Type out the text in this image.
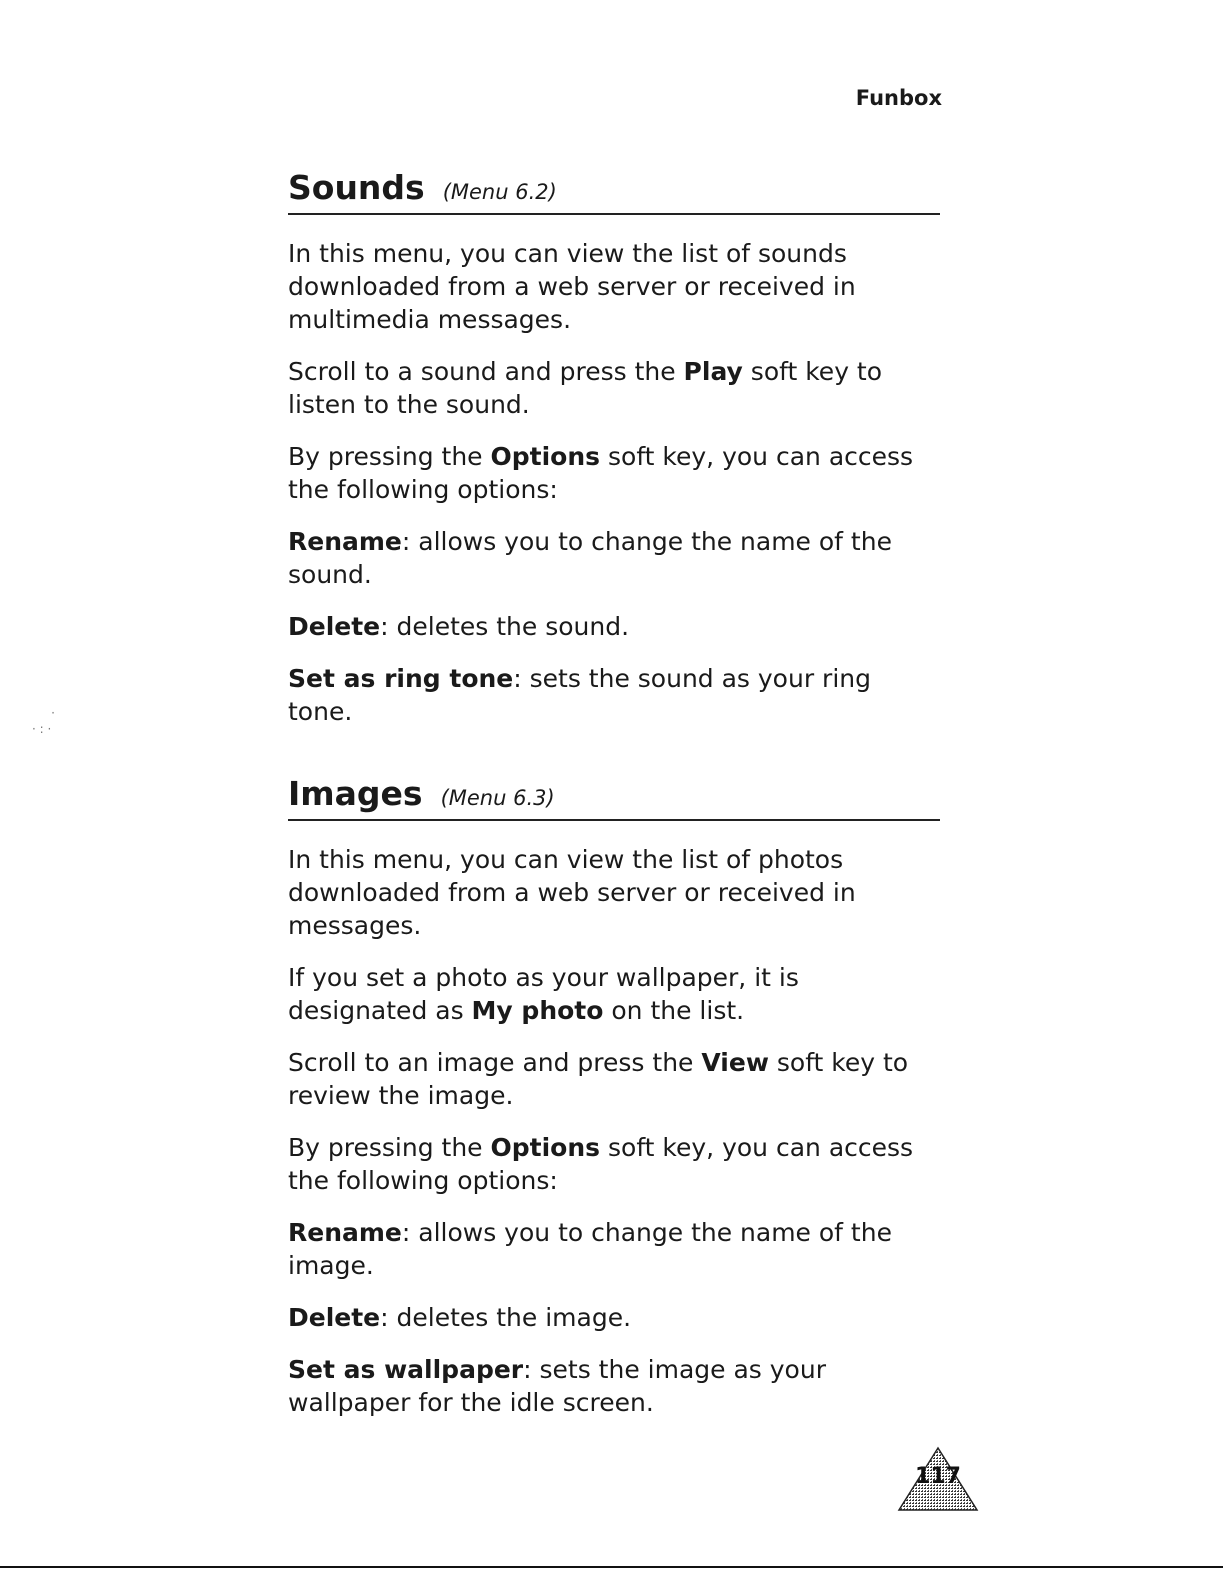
Funbox
·
· : ·
Sounds (Menu 6.2)

In this menu, you can view the list of sounds downloaded from a web server or received in multimedia messages.

Scroll to a sound and press the Play soft key to listen to the sound.

By pressing the Options soft key, you can access the following options:

Rename: allows you to change the name of the sound.

Delete: deletes the sound.

Set as ring tone: sets the sound as your ring tone.

Images (Menu 6.3)

In this menu, you can view the list of photos downloaded from a web server or received in messages.

If you set a photo as your wallpaper, it is designated as My photo on the list.

Scroll to an image and press the View soft key to review the image.

By pressing the Options soft key, you can access the following options:

Rename: allows you to change the name of the image.

Delete: deletes the image.

Set as wallpaper: sets the image as your wallpaper for the idle screen.

117
